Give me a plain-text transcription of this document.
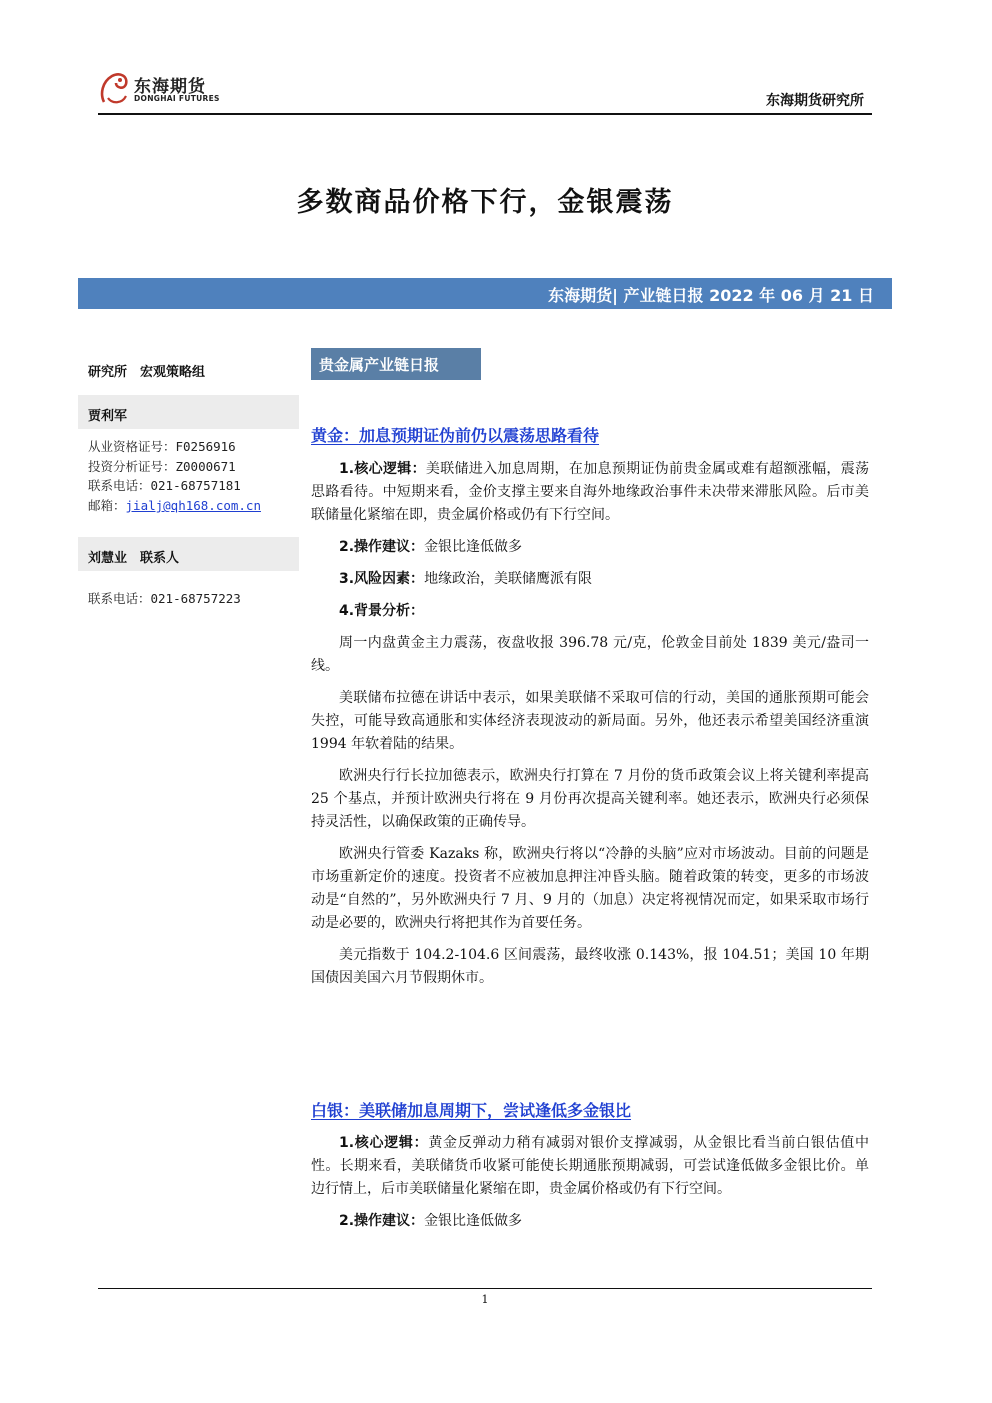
东海期货
DONGHAI FUTURES	东海期货研究所
多数商品价格下行，金银震荡
东海期货| 产业链日报 2022 年 06 月 21 日
研究所　宏观策略组
贾利军
从业资格证号：F0256916
投资分析证号：Z0000671
联系电话：021-68757181
邮箱：jialj@qh168.com.cn
刘慧业　联系人
联系电话：021-68757223
贵金属产业链日报
黄金：加息预期证伪前仍以震荡思路看待

1.核心逻辑：美联储进入加息周期，在加息预期证伪前贵金属或难有超额涨幅，震荡思路看待。中短期来看，金价支撑主要来自海外地缘政治事件未决带来滞胀风险。后市美联储量化紧缩在即，贵金属价格或仍有下行空间。

2.操作建议：金银比逢低做多

3.风险因素：地缘政治，美联储鹰派有限

4.背景分析：

周一内盘黄金主力震荡，夜盘收报 396.78 元/克，伦敦金目前处 1839 美元/盎司一线。

美联储布拉德在讲话中表示，如果美联储不采取可信的行动，美国的通胀预期可能会失控，可能导致高通胀和实体经济表现波动的新局面。另外，他还表示希望美国经济重演 1994 年软着陆的结果。

欧洲央行行长拉加德表示，欧洲央行打算在 7 月份的货币政策会议上将关键利率提高 25 个基点，并预计欧洲央行将在 9 月份再次提高关键利率。她还表示，欧洲央行必须保持灵活性，以确保政策的正确传导。

欧洲央行管委 Kazaks 称，欧洲央行将以“冷静的头脑”应对市场波动。目前的问题是市场重新定价的速度。投资者不应被加息押注冲昏头脑。随着政策的转变，更多的市场波动是“自然的”，另外欧洲央行 7 月、9 月的（加息）决定将视情况而定，如果采取市场行动是必要的，欧洲央行将把其作为首要任务。

美元指数于 104.2-104.6 区间震荡，最终收涨 0.143%，报 104.51；美国 10 年期国债因美国六月节假期休市。

白银：美联储加息周期下，尝试逢低多金银比

1.核心逻辑：黄金反弹动力稍有减弱对银价支撑减弱，从金银比看当前白银估值中性。长期来看，美联储货币收紧可能使长期通胀预期减弱，可尝试逢低做多金银比价。单边行情上，后市美联储量化紧缩在即，贵金属价格或仍有下行空间。

2.操作建议：金银比逢低做多

1
